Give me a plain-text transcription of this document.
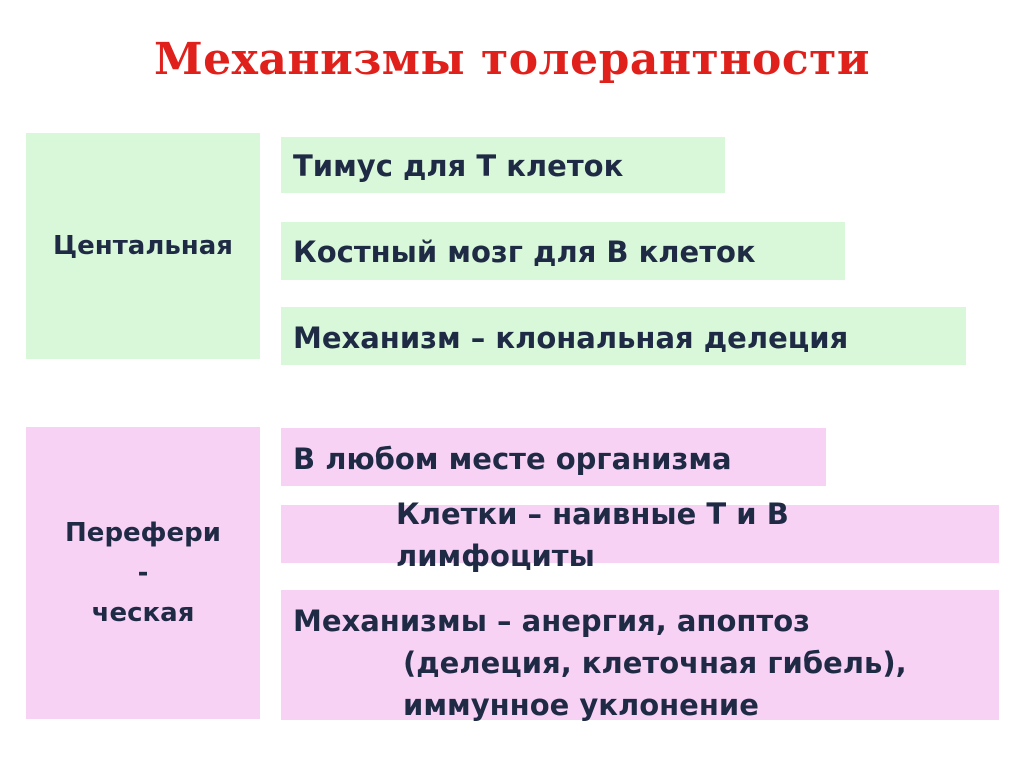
Механизмы толерантности
Центальная
Тимус для Т клеток
Костный мозг для В клеток
Механизм – клональная делеция
Перефери
-
ческая
В любом месте организма
Клетки – наивные Т и В
лимфоциты
Механизмы – анергия, апоптоз
(делеция, клеточная гибель),
иммунное уклонение
